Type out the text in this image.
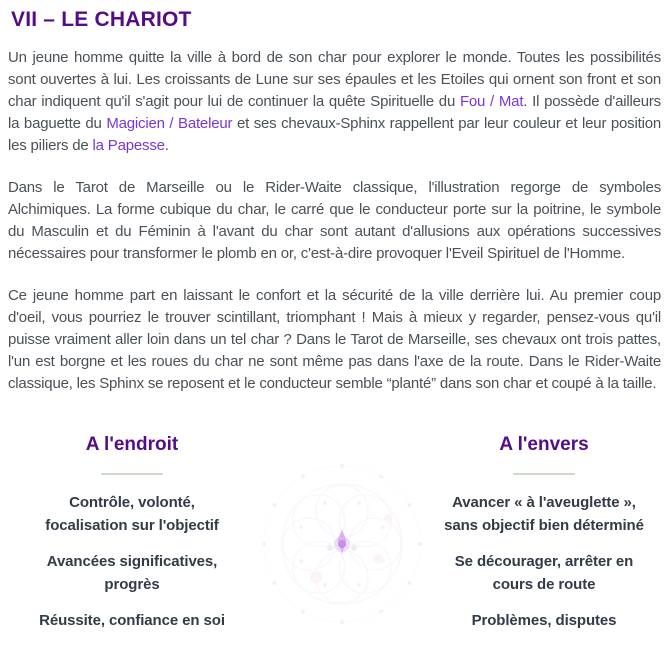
VII – LE CHARIOT

Un jeune homme quitte la ville à bord de son char pour explorer le monde. Toutes les possibilités sont ouvertes à lui. Les croissants de Lune sur ses épaules et les Etoiles qui ornent son front et son char indiquent qu'il s'agit pour lui de continuer la quête Spirituelle du Fou / Mat. Il possède d'ailleurs la baguette du Magicien / Bateleur et ses chevaux-Sphinx rappellent par leur couleur et leur position les piliers de la Papesse.

Dans le Tarot de Marseille ou le Rider-Waite classique, l'illustration regorge de symboles Alchimiques. La forme cubique du char, le carré que le conducteur porte sur la poitrine, le symbole du Masculin et du Féminin à l'avant du char sont autant d'allusions aux opérations successives nécessaires pour transformer le plomb en or, c'est-à-dire provoquer l'Eveil Spirituel de l'Homme.

Ce jeune homme part en laissant le confort et la sécurité de la ville derrière lui. Au premier coup d'oeil, vous pourriez le trouver scintillant, triomphant ! Mais à mieux y regarder, pensez-vous qu'il puisse vraiment aller loin dans un tel char ? Dans le Tarot de Marseille, ses chevaux ont trois pattes, l'un est borgne et les roues du char ne sont même pas dans l'axe de la route. Dans le Rider-Waite classique, les Sphinx se reposent et le conducteur semble “planté” dans son char et coupé à la taille.

A l'endroit
Contrôle, volonté, focalisation sur l'objectif
Avancées significatives, progrès
Réussite, confiance en soi
A l'envers
Avancer « à l'aveuglette », sans objectif bien déterminé
Se décourager, arrêter en cours de route
Problèmes, disputes
